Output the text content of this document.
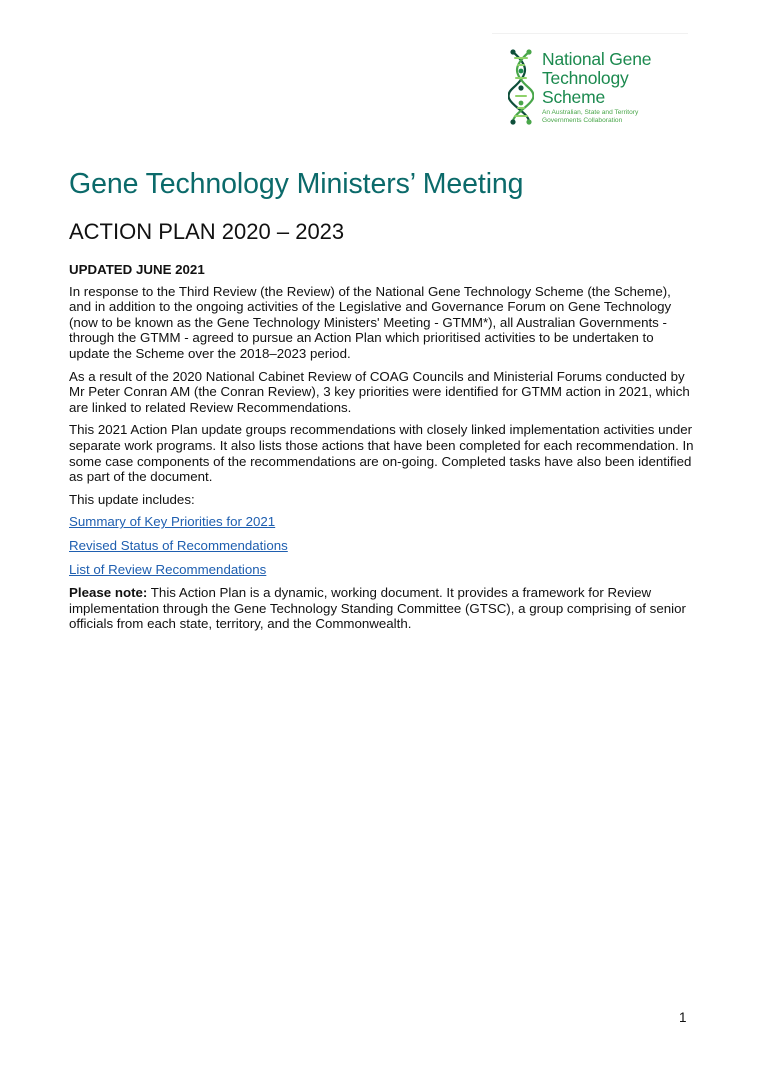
National Gene
Technology
Scheme

An Australian, State and Territory
Governments Collaboration
Gene Technology Ministers’ Meeting
ACTION PLAN 2020 – 2023
UPDATED JUNE 2021

In response to the Third Review (the Review) of the National Gene Technology Scheme (the Scheme), and in addition to the ongoing activities of the Legislative and Governance Forum on Gene Technology (now to be known as the Gene Technology Ministers' Meeting - GTMM*), all Australian Governments - through the GTMM - agreed to pursue an Action Plan which prioritised activities to be undertaken to update the Scheme over the 2018–2023 period.

As a result of the 2020 National Cabinet Review of COAG Councils and Ministerial Forums conducted by Mr Peter Conran AM (the Conran Review), 3 key priorities were identified for GTMM action in 2021, which are linked to related Review Recommendations.

This 2021 Action Plan update groups recommendations with closely linked implementation activities under separate work programs. It also lists those actions that have been completed for each recommendation. In some case components of the recommendations are on-going. Completed tasks have also been identified as part of the document.

This update includes:

Summary of Key Priorities for 2021
Revised Status of Recommendations
List of Review Recommendations

Please note: This Action Plan is a dynamic, working document. It provides a framework for Review implementation through the Gene Technology Standing Committee (GTSC), a group comprising of senior officials from each state, territory, and the Commonwealth.

1
